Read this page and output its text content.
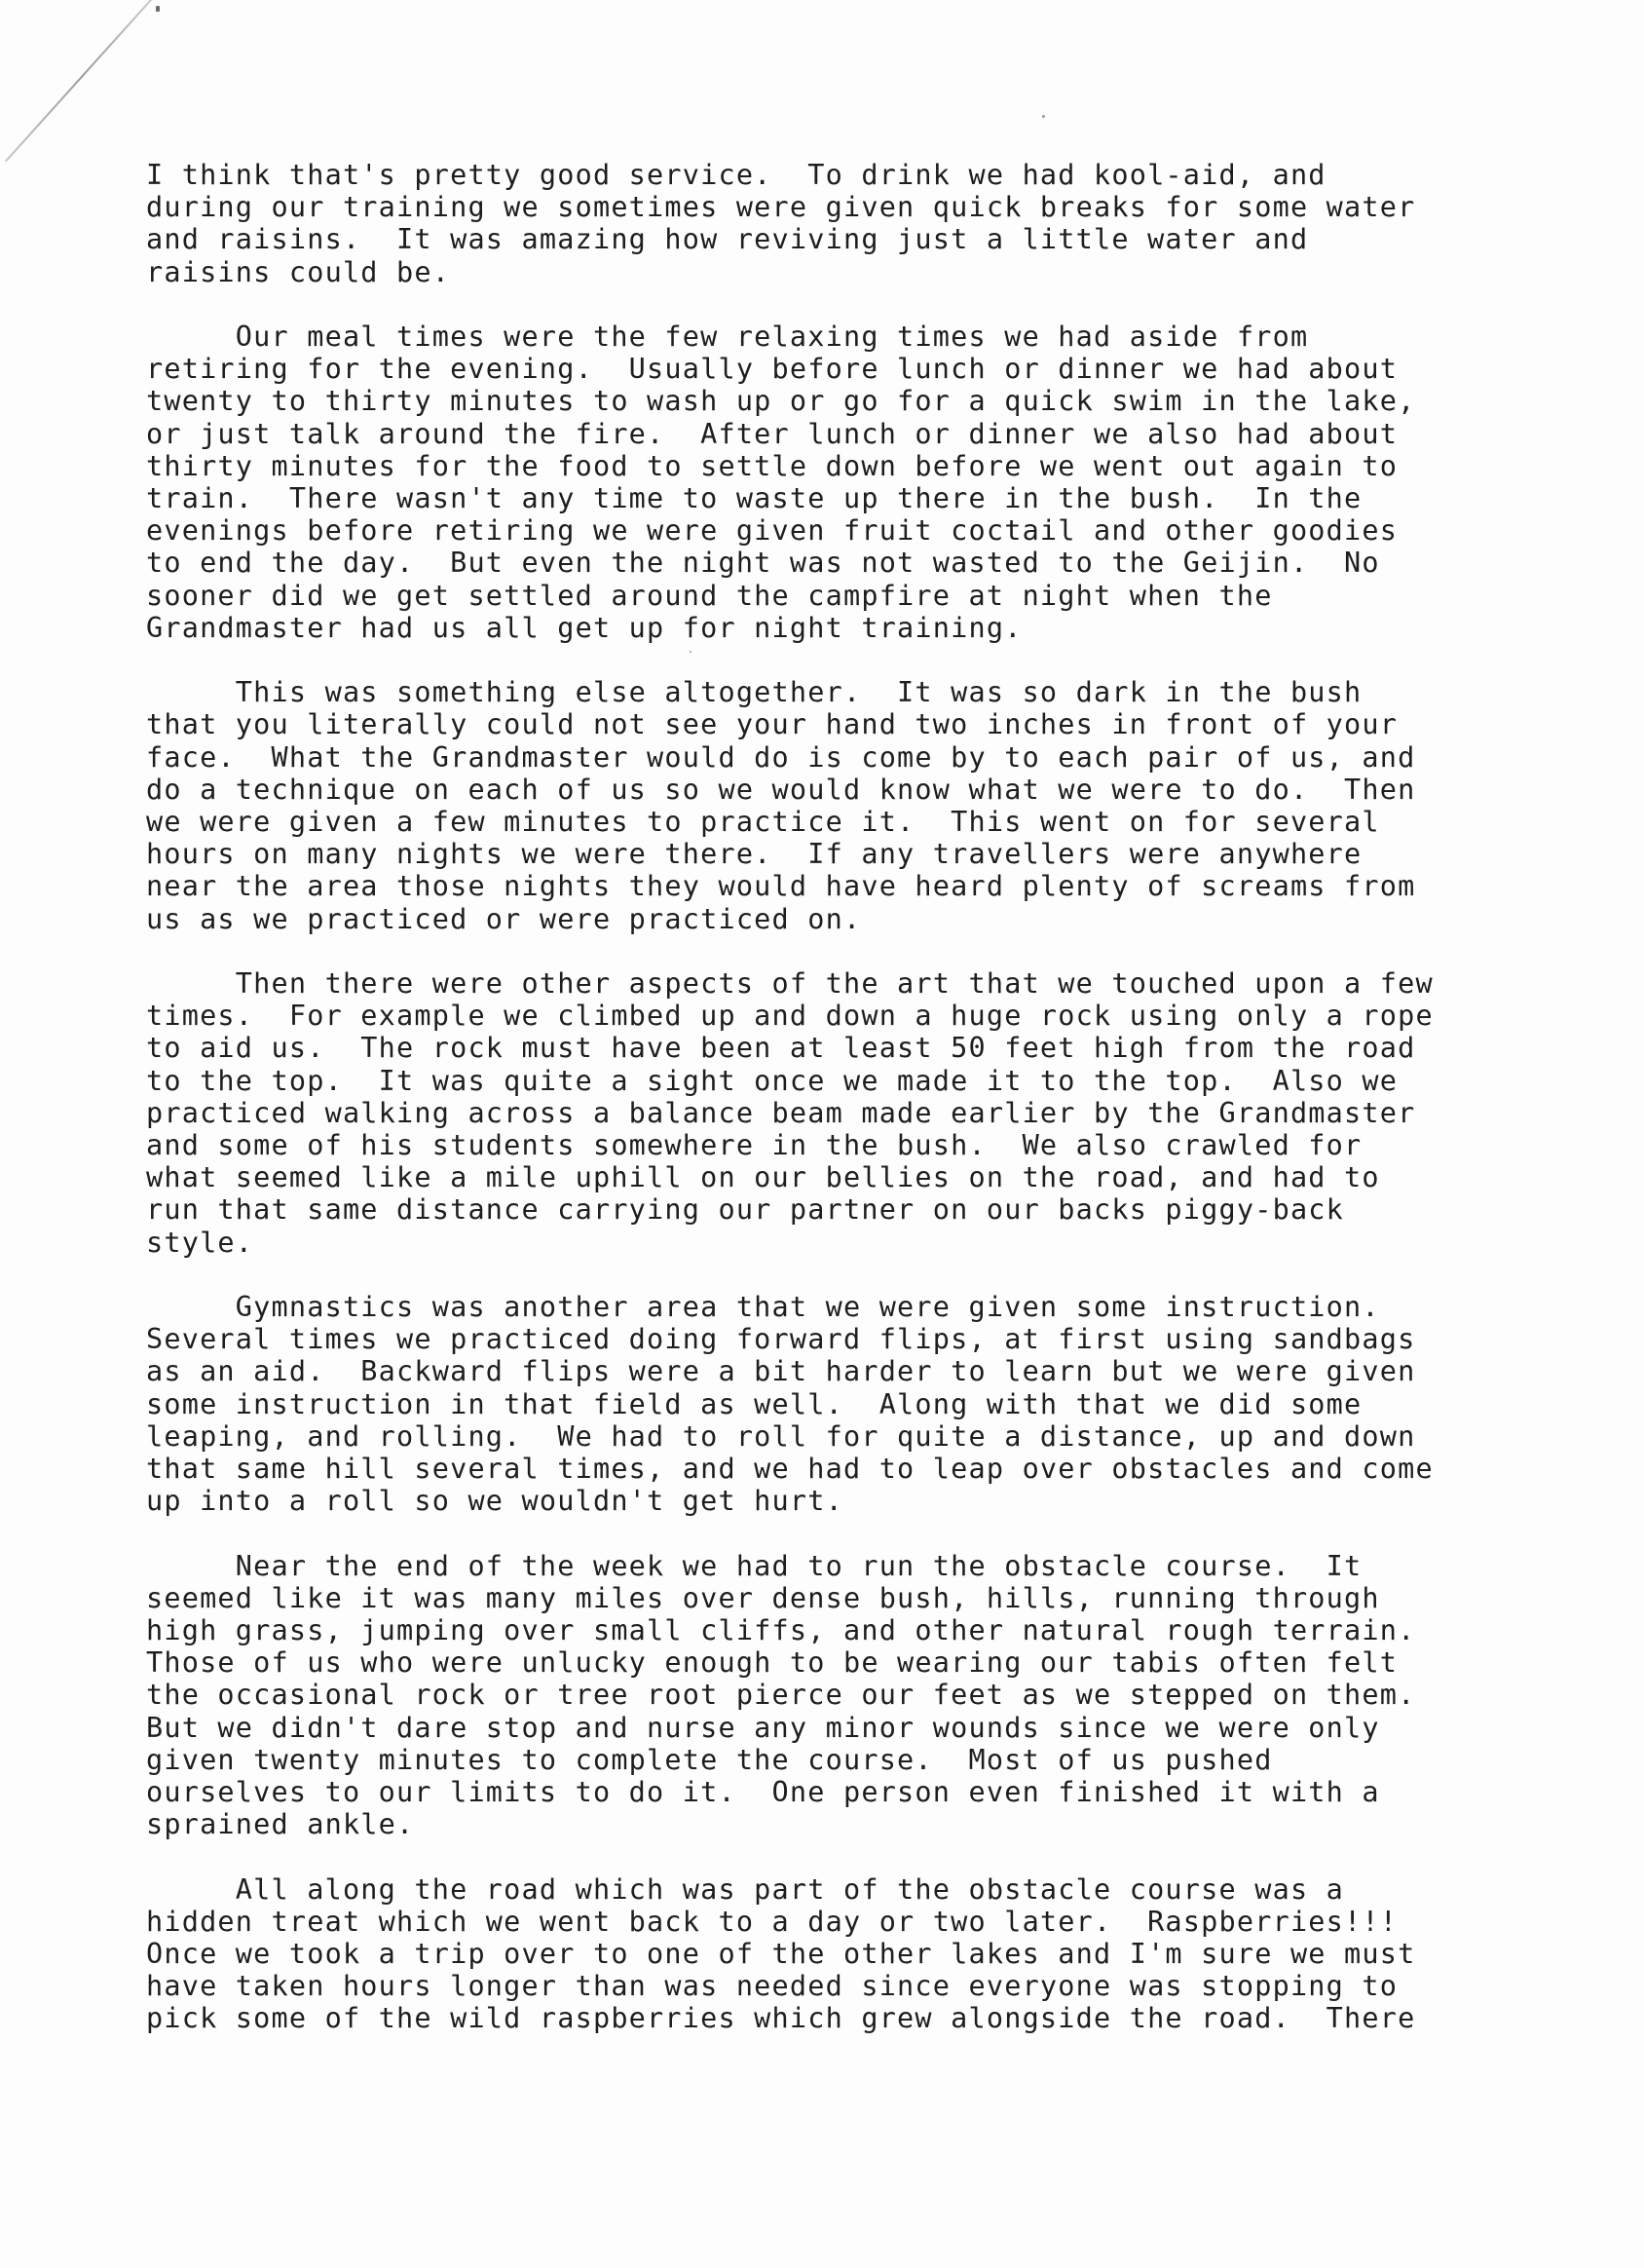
I think that's pretty good service.  To drink we had kool-aid, and
during our training we sometimes were given quick breaks for some water
and raisins.  It was amazing how reviving just a little water and
raisins could be.
Our meal times were the few relaxing times we had aside from
retiring for the evening.  Usually before lunch or dinner we had about
twenty to thirty minutes to wash up or go for a quick swim in the lake,
or just talk around the fire.  After lunch or dinner we also had about
thirty minutes for the food to settle down before we went out again to
train.  There wasn't any time to waste up there in the bush.  In the
evenings before retiring we were given fruit coctail and other goodies
to end the day.  But even the night was not wasted to the Geijin.  No
sooner did we get settled around the campfire at night when the
Grandmaster had us all get up for night training.
This was something else altogether.  It was so dark in the bush
that you literally could not see your hand two inches in front of your
face.  What the Grandmaster would do is come by to each pair of us, and
do a technique on each of us so we would know what we were to do.  Then
we were given a few minutes to practice it.  This went on for several
hours on many nights we were there.  If any travellers were anywhere
near the area those nights they would have heard plenty of screams from
us as we practiced or were practiced on.
Then there were other aspects of the art that we touched upon a few
times.  For example we climbed up and down a huge rock using only a rope
to aid us.  The rock must have been at least 50 feet high from the road
to the top.  It was quite a sight once we made it to the top.  Also we
practiced walking across a balance beam made earlier by the Grandmaster
and some of his students somewhere in the bush.  We also crawled for
what seemed like a mile uphill on our bellies on the road, and had to
run that same distance carrying our partner on our backs piggy-back
style.
Gymnastics was another area that we were given some instruction.
Several times we practiced doing forward flips, at first using sandbags
as an aid.  Backward flips were a bit harder to learn but we were given
some instruction in that field as well.  Along with that we did some
leaping, and rolling.  We had to roll for quite a distance, up and down
that same hill several times, and we had to leap over obstacles and come
up into a roll so we wouldn't get hurt.
Near the end of the week we had to run the obstacle course.  It
seemed like it was many miles over dense bush, hills, running through
high grass, jumping over small cliffs, and other natural rough terrain.
Those of us who were unlucky enough to be wearing our tabis often felt
the occasional rock or tree root pierce our feet as we stepped on them.
But we didn't dare stop and nurse any minor wounds since we were only
given twenty minutes to complete the course.  Most of us pushed
ourselves to our limits to do it.  One person even finished it with a
sprained ankle.
All along the road which was part of the obstacle course was a
hidden treat which we went back to a day or two later.  Raspberries!!!
Once we took a trip over to one of the other lakes and I'm sure we must
have taken hours longer than was needed since everyone was stopping to
pick some of the wild raspberries which grew alongside the road.  There
